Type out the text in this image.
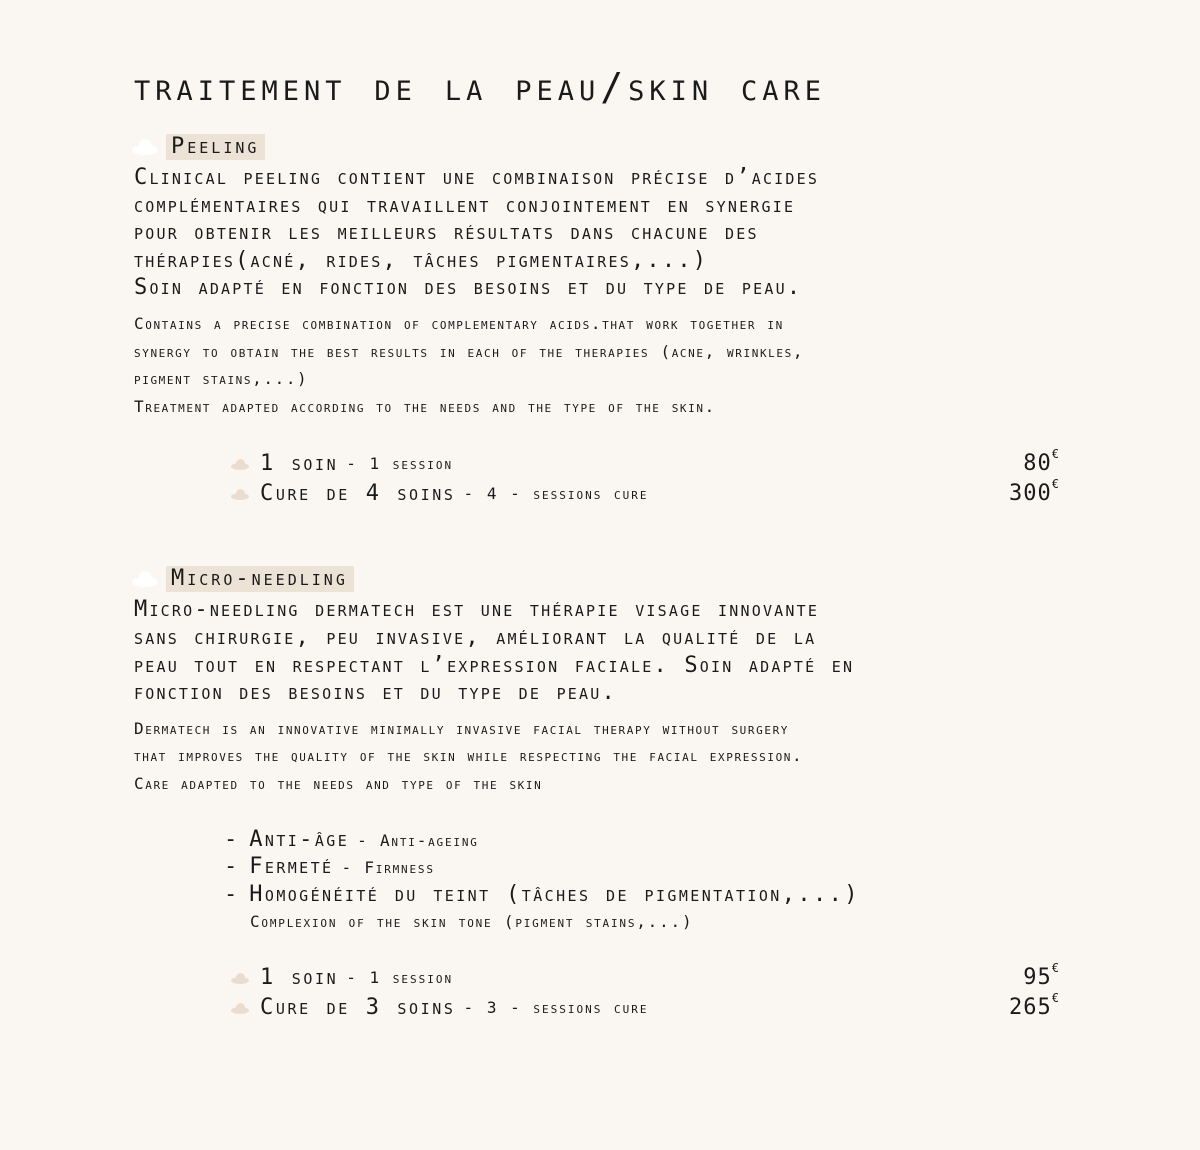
traitement de la peau/skin care
Peeling

Clinical peeling contient une combinaison précise d’acides
complémentaires qui travaillent conjointement en synergie
pour obtenir les meilleurs résultats dans chacune des
thérapies(acné, rides, tâches pigmentaires,...)
Soin adapté en fonction des besoins et du type de peau.

Contains a precise combination of complementary acids.that work together in
synergy to obtain the best results in each of the therapies (acne, wrinkles,
pigment stains,...)
Treatment adapted according to the needs and the type of the skin.

1 soin - 1 session	80€
Cure de 4 soins - 4 - sessions cure	300€
Micro-needling

Micro-needling dermatech est une thérapie visage innovante
sans chirurgie, peu invasive, améliorant la qualité de la
peau tout en respectant l’expression faciale. Soin adapté en
fonction des besoins et du type de peau.

Dermatech is an innovative minimally invasive facial therapy without surgery
that improves the quality of the skin while respecting the facial expression.
Care adapted to the needs and type of the skin

- Anti-âge - Anti-ageing
- Fermeté - Firmness
- Homogénéité du teint (tâches de pigmentation,...)
Complexion of the skin tone (pigment stains,...)
1 soin - 1 session	95€
Cure de 3 soins - 3 - sessions cure	265€
